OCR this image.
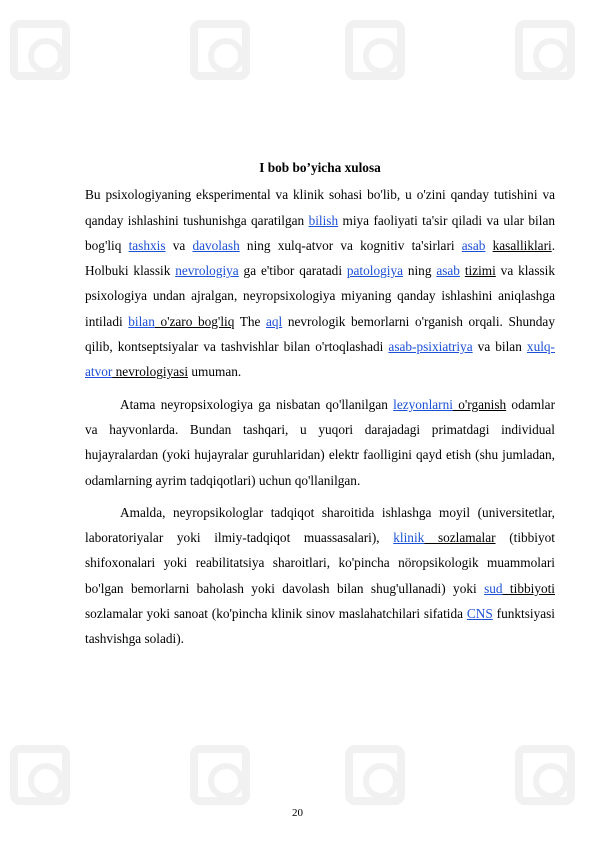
I bob bo’yicha xulosa

Bu psixologiyaning eksperimental va klinik sohasi bo'lib, u o'zini qanday tutishini va qanday ishlashini tushunishga qaratilgan bilish miya faoliyati ta'sir qiladi va ular bilan bog'liq tashxis va davolash ning xulq-atvor va kognitiv ta'sirlari asab kasalliklari. Holbuki klassik nevrologiya ga e'tibor qaratadi patologiya ning asab tizimi va klassik psixologiya undan ajralgan, neyropsixologiya miyaning qanday ishlashini aniqlashga intiladi bilan o'zaro bog'liq The aql nevrologik bemorlarni o'rganish orqali. Shunday qilib, kontseptsiyalar va tashvishlar bilan o'rtoqlashadi asab-psixiatriya va bilan xulq-atvor nevrologiyasi umuman.

Atama neyropsixologiya ga nisbatan qo'llanilgan lezyonlarni o'rganish odamlar va hayvonlarda. Bundan tashqari, u yuqori darajadagi primatdagi individual hujayralardan (yoki hujayralar guruhlaridan) elektr faolligini qayd etish (shu jumladan, odamlarning ayrim tadqiqotlari) uchun qo'llanilgan.

Amalda, neyropsikologlar tadqiqot sharoitida ishlashga moyil (universitetlar, laboratoriyalar yoki ilmiy-tadqiqot muassasalari), klinik sozlamalar (tibbiyot shifoxonalari yoki reabilitatsiya sharoitlari, ko'pincha nöropsikologik muammolari bo'lgan bemorlarni baholash yoki davolash bilan shug'ullanadi) yoki sud tibbiyoti sozlamalar yoki sanoat (ko'pincha klinik sinov maslahatchilari sifatida CNS funktsiyasi tashvishga soladi).

20
